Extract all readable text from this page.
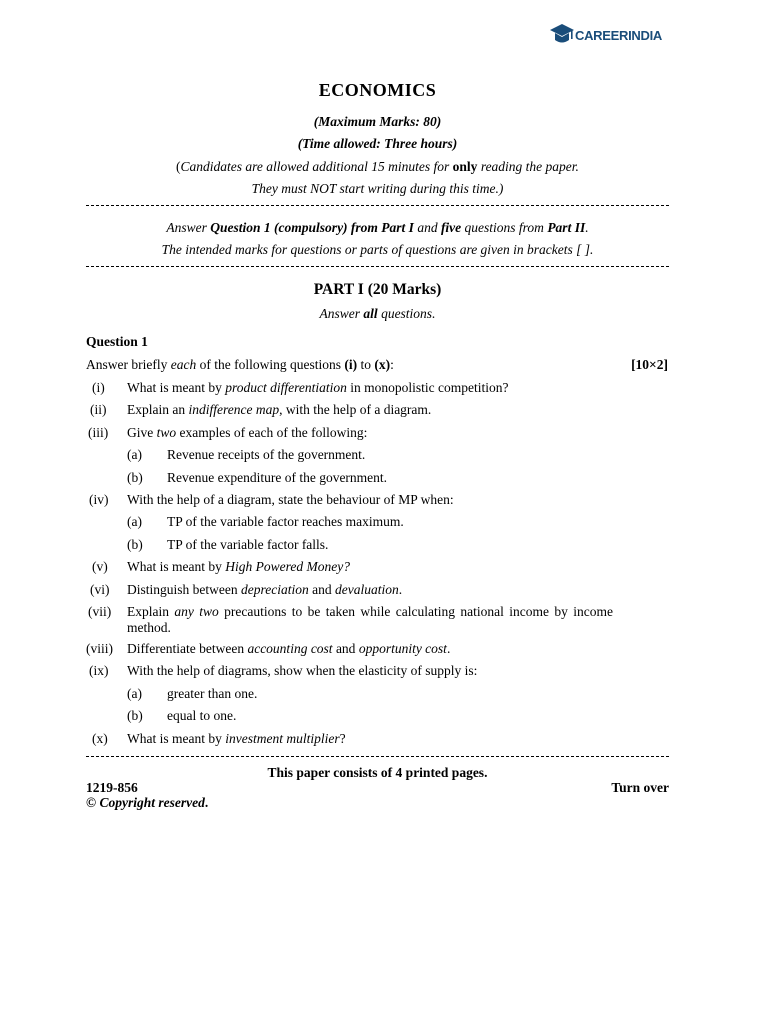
CAREERINDIA
ECONOMICS
(Maximum Marks: 80)
(Time allowed: Three hours)
(Candidates are allowed additional 15 minutes for only reading the paper.
They must NOT start writing during this time.)
Answer Question 1 (compulsory) from Part I and five questions from Part II.
The intended marks for questions or parts of questions are given in brackets [ ].
PART I (20 Marks)
Answer all questions.
Question 1
Answer briefly each of the following questions (i) to (x):	[10×2]
(i)	What is meant by product differentiation in monopolistic competition?
(ii)	Explain an indifference map, with the help of a diagram.
(iii)	Give two examples of each of the following:
(a) Revenue receipts of the government.
(b) Revenue expenditure of the government.
(iv)	With the help of a diagram, state the behaviour of MP when:
(a) TP of the variable factor reaches maximum.
(b) TP of the variable factor falls.
(v)	What is meant by High Powered Money?
(vi)	Distinguish between depreciation and devaluation.
(vii)	Explain any two precautions to be taken while calculating national income by income method.
(viii)	Differentiate between accounting cost and opportunity cost.
(ix)	With the help of diagrams, show when the elasticity of supply is:
(a) greater than one.
(b) equal to one.
(x)	What is meant by investment multiplier?
This paper consists of 4 printed pages.
1219-856	Turn over
© Copyright reserved.
